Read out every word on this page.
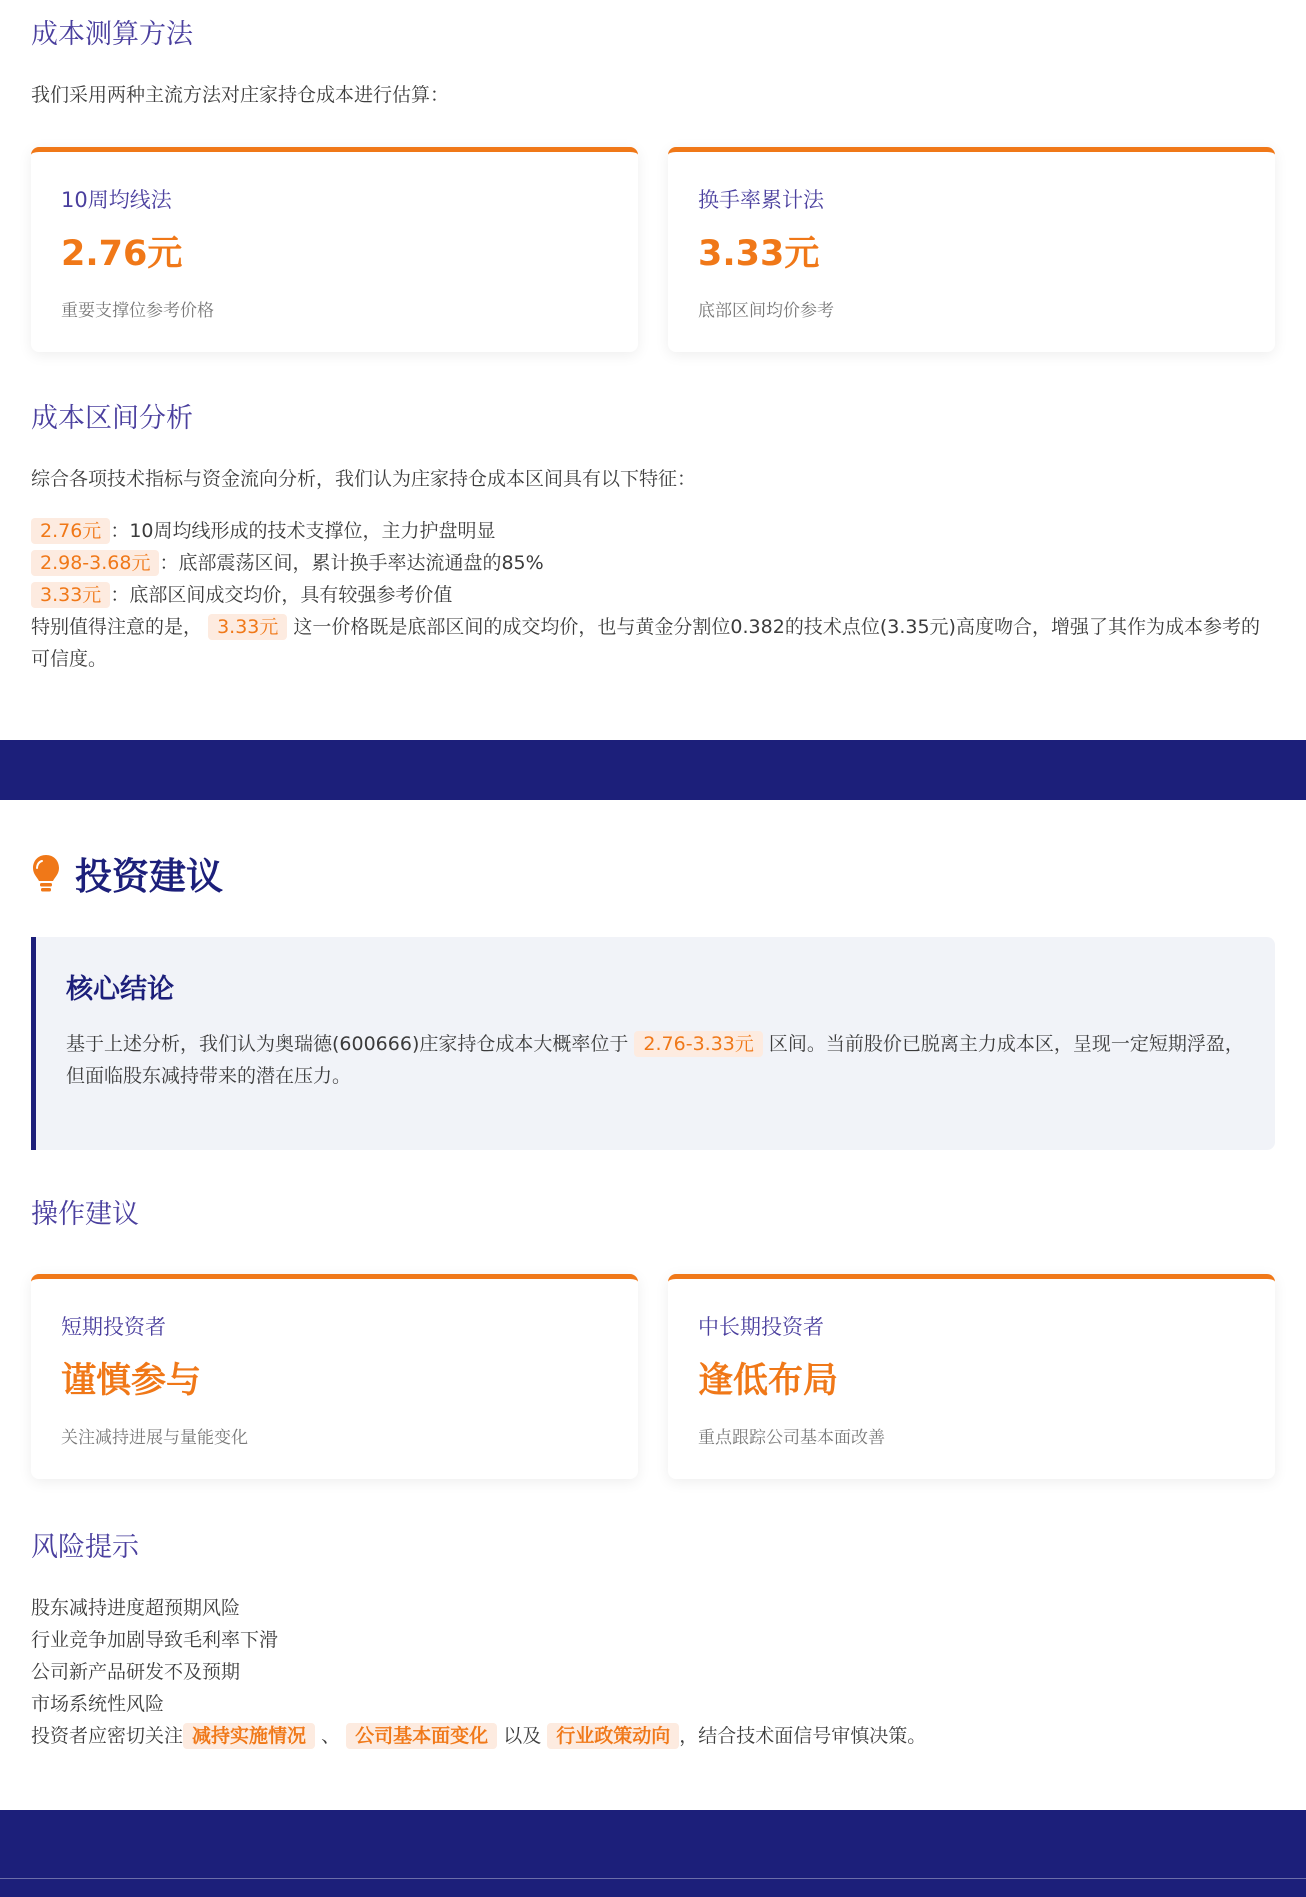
成本测算方法

我们采用两种主流方法对庄家持仓成本进行估算：

10周均线法
2.76元
重要支撑位参考价格
换手率累计法
3.33元
底部区间均价参考
成本区间分析

综合各项技术指标与资金流向分析，我们认为庄家持仓成本区间具有以下特征：

2.76元 ：10周均线形成的技术支撑位，主力护盘明显

2.98-3.68元 ：底部震荡区间，累计换手率达流通盘的85%

3.33元 ：底部区间成交均价，具有较强参考价值

特别值得注意的是， 3.33元 这一价格既是底部区间的成交均价，也与黄金分割位0.382的技术点位(3.35元)高度吻合，增强了其作为成本参考的可信度。

投资建议
核心结论

基于上述分析，我们认为奥瑞德(600666)庄家持仓成本大概率位于 2.76-3.33元 区间。当前股价已脱离主力成本区，呈现一定短期浮盈，但面临股东减持带来的潜在压力。

操作建议
短期投资者
谨慎参与
关注减持进展与量能变化
中长期投资者
逢低布局
重点跟踪公司基本面改善
风险提示

股东减持进度超预期风险

行业竞争加剧导致毛利率下滑

公司新产品研发不及预期

市场系统性风险

投资者应密切关注 减持实施情况 、 公司基本面变化 以及 行业政策动向 ，结合技术面信号审慎决策。
